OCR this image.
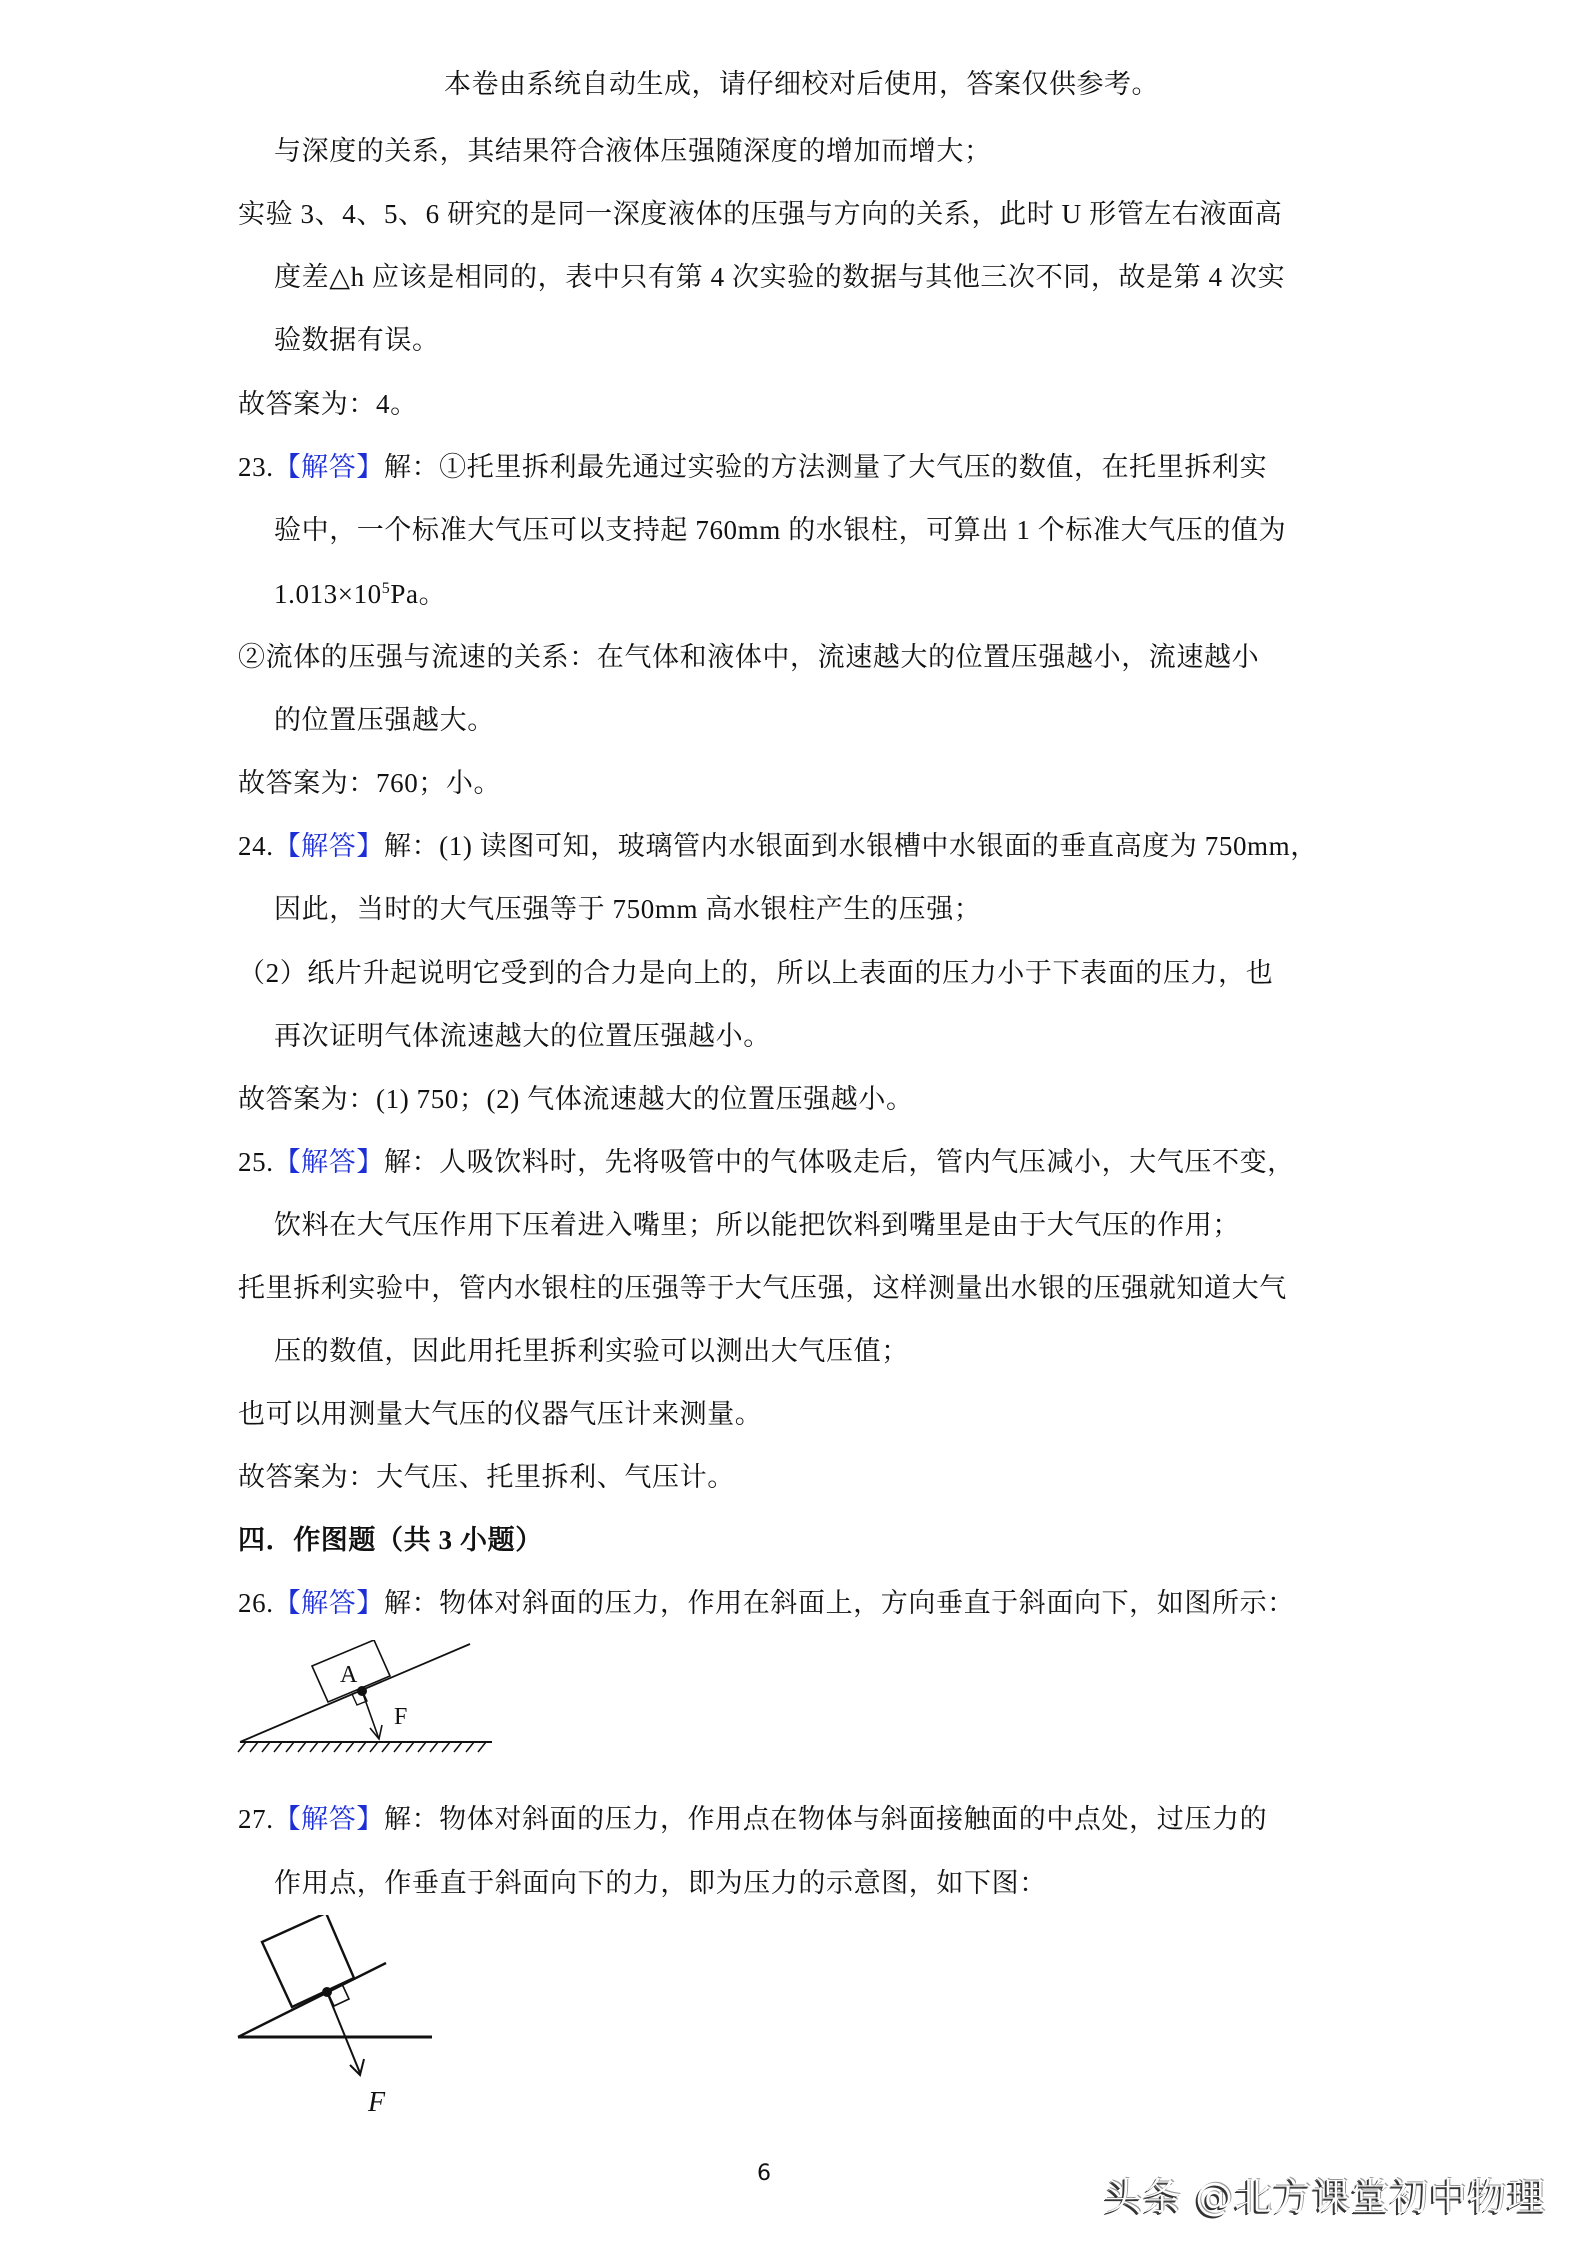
本卷由系统自动生成，请仔细校对后使用，答案仅供参考。
与深度的关系，其结果符合液体压强随深度的增加而增大；
实验 3、4、5、6 研究的是同一深度液体的压强与方向的关系，此时 U 形管左右液面高
度差△h 应该是相同的，表中只有第 4 次实验的数据与其他三次不同，故是第 4 次实
验数据有误。
故答案为：4。
23.【解答】解：①托里拆利最先通过实验的方法测量了大气压的数值，在托里拆利实
验中，一个标准大气压可以支持起 760mm 的水银柱，可算出 1 个标准大气压的值为
$1.013\times 10^5Pa$。
②流体的压强与流速的关系：在气体和液体中，流速越大的位置压强越小，流速越小
的位置压强越大。
故答案为：760；小。
24.【解答】解：(1) 读图可知，玻璃管内水银面到水银槽中水银面的垂直高度为 750mm，
因此，当时的大气压强等于 750mm 高水银柱产生的压强；
（2）纸片升起说明它受到的合力是向上的，所以上表面的压力小于下表面的压力，也
再次证明气体流速越大的位置压强越小。
故答案为：(1) 750；(2) 气体流速越大的位置压强越小。
25.【解答】解：人吸饮料时，先将吸管中的气体吸走后，管内气压减小，大气压不变，
饮料在大气压作用下压着进入嘴里；所以能把饮料到嘴里是由于大气压的作用；
托里拆利实验中，管内水银柱的压强等于大气压强，这样测量出水银的压强就知道大气
压的数值，因此用托里拆利实验可以测出大气压值；
也可以用测量大气压的仪器气压计来测量。
故答案为：大气压、托里拆利、气压计。
四．作图题（共 3 小题）
26.【解答】解：物体对斜面的压力，作用在斜面上，方向垂直于斜面向下，如图所示：
A
F
27.【解答】解：物体对斜面的压力，作用点在物体与斜面接触面的中点处，过压力的
作用点，作垂直于斜面向下的力，即为压力的示意图，如下图：
F
6
头条 @北方课堂初中物理
